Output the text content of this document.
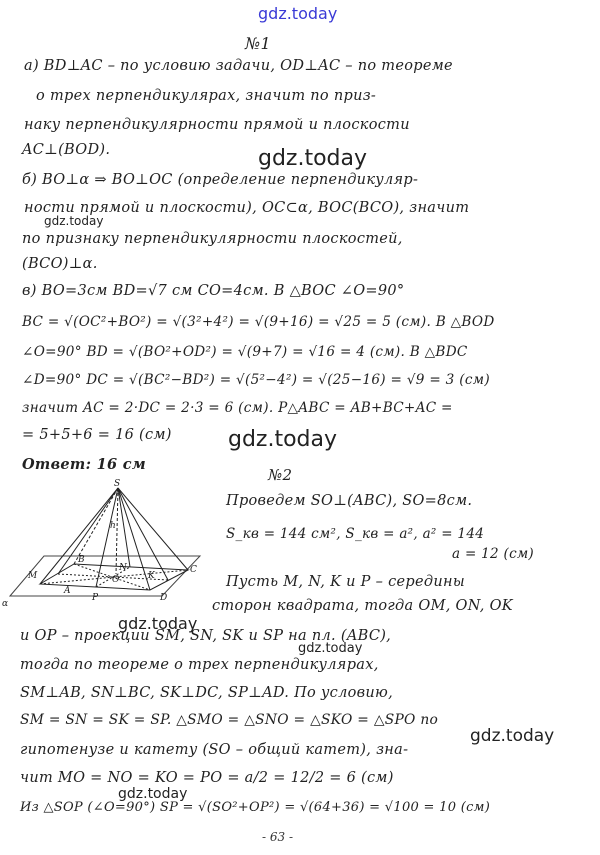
gdz.today
№1
а) BD⊥AC – по условию задачи, OD⊥AC – по теореме
о трех перпендикулярах, значит по приз-
наку перпендикулярности прямой и плоскости
AC⊥(BOD).	gdz.today
б) BO⊥α ⇒ BO⊥OC (определение перпендикуляр-
ности прямой и плоскости), OC⊂α, BOC(BCO), значит
gdz.today
по признаку перпендикулярности плоскостей,
(BCO)⊥α.
в) BO=3см BD=√7 см CO=4см. В △BOC ∠O=90°
BC = √(OC²+BO²) = √(3²+4²) = √(9+16) = √25 = 5 (см). В △BOD
∠O=90° BD = √(BO²+OD²) = √(9+7) = √16 = 4 (см). В △BDC
∠D=90° DC = √(BC²−BD²) = √(5²−4²) = √(25−16) = √9 = 3 (см)
значит AC = 2·DC = 2·3 = 6 (см). P△ABC = AB+BC+AC =
= 5+5+6 = 16 (см)	gdz.today
Ответ: 16 см
№2
S
M
B
C
D
A
N
K
P
O
h
α
Проведем SO⊥(ABC), SO=8см.
S_кв = 144 см², S_кв = a², a² = 144
a = 12 (см)
Пусть M, N, K и P – середины
сторон квадрата, тогда OM, ON, OK
gdz.today
и OP – проекции SM, SN, SK и SP на пл. (ABC),
gdz.today
тогда по теореме о трех перпендикулярах,
SM⊥AB, SN⊥BC, SK⊥DC, SP⊥AD. По условию,
SM = SN = SK = SP. △SMO = △SNO = △SKO = △SPO по
gdz.today
гипотенузе и катету (SO – общий катет), зна-
чит MO = NO = KO = PO = a/2 = 12/2 = 6 (см)
gdz.today
Из △SOP (∠O=90°) SP = √(SO²+OP²) = √(64+36) = √100 = 10 (см)
- 63 -
